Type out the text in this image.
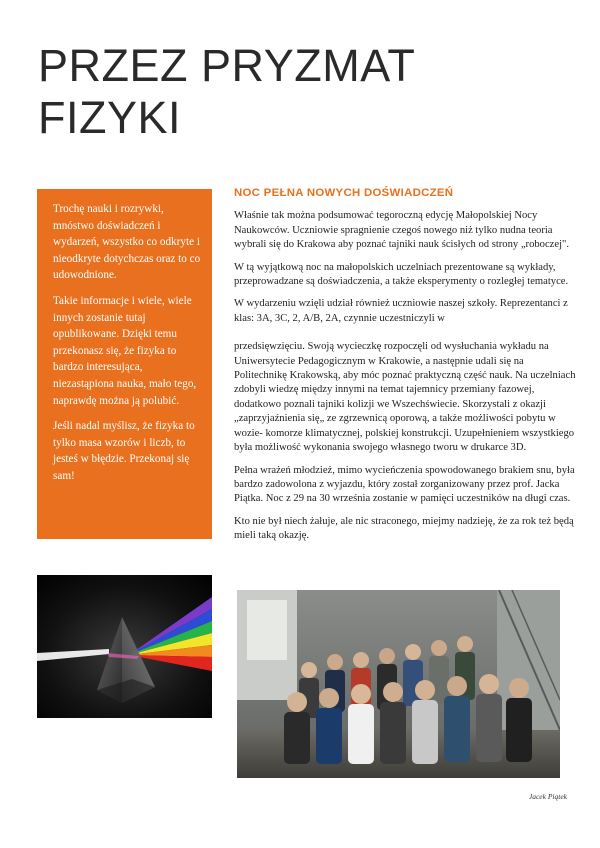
PRZEZ PRYZMAT
FIZYKI

Trochę nauki i rozrywki, mnóstwo doświadczeń i wydarzeń, wszystko co odkryte i nieodkryte dotychczas oraz to co udowodnione.

Takie informacje i wiele, wiele innych zostanie tutaj opublikowane. Dzięki temu przekonasz się, że fizyka to bardzo interesująca, niezastąpiona nauka, mało tego, naprawdę można ją polubić.

Jeśli nadal myślisz, że fizyka to tylko masa wzorów i liczb, to jesteś w błędzie. Przekonaj się sam!

NOC PEŁNA NOWYCH DOŚWIADCZEŃ

Właśnie tak można podsumować tegoroczną edycję Małopolskiej Nocy Naukowców. Uczniowie spragnienie czegoś nowego niż tylko nudna teoria wybrali się do Krakowa aby poznać tajniki nauk ścisłych od strony „roboczej".

W tą wyjątkową noc na małopolskich uczelniach prezentowane są wykłady, przeprowadzane są doświadczenia, a także eksperymenty o rozległej tematyce.

W wydarzeniu wzięli udział również uczniowie naszej szkoły. Reprezentanci z klas: 3A, 3C, 2, A/B, 2A, czynnie uczestniczyli w

przedsięwzięciu. Swoją wycieczkę rozpoczęli od wysłuchania wykładu na Uniwersytecie Pedagogicznym w Krakowie, a następnie udali się na Politechnikę Krakowską, aby móc poznać praktyczną część nauk. Na uczelniach zdobyli wiedzę między innymi na temat tajemnicy przemiany fazowej, dodatkowo poznali tajniki kolizji we Wszechświecie. Skorzystali z okazji „zaprzyjaźnienia się„ ze zgrzewnicą oporową, a także możliwości pobytu w wozie- komorze klimatycznej, polskiej konstrukcji. Uzupełnieniem wszystkiego była możliwość wykonania swojego własnego tworu w drukarce 3D.

Pełna wrażeń młodzież, mimo wycieńczenia spowodowanego brakiem snu, była bardzo zadowolona z wyjazdu, który został zorganizowany przez prof. Jacka Piątka. Noc z 29 na 30 września zostanie w pamięci uczestników na długi czas.

Kto nie był niech żałuje, ale nic straconego, miejmy nadzieję, że za rok też będą mieli taką okazję.

Jacek Piątek
